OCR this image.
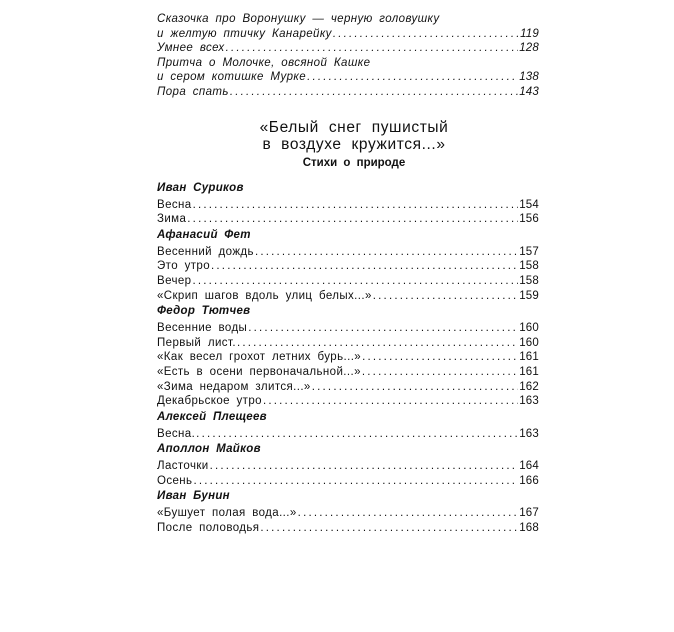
Сказочка про Воронушку — черную головушку
и желтую птичку Канарейку .....	119
Умнее всех .....	128
Притча о Молочке, овсяной Кашке
и сером котишке Мурке .....	138
Пора спать .....	143
«Белый снег пушистый
в воздухе кружится...»
Стихи о природе
Иван Суриков
Весна .....	154
Зима .....	156
Афанасий Фет
Весенний дождь .....	157
Это утро .....	158
Вечер .....	158
«Скрип шагов вдоль улиц белых...» .....	159
Федор Тютчев
Весенние воды .....	160
Первый лист. .....	160
«Как весел грохот летних бурь...» .....	161
«Есть в осени первоначальной...» .....	161
«Зима недаром злится...» .....	162
Декабрьское утро .....	163
Алексей Плещеев
Весна. .....	163
Аполлон Майков
Ласточки .....	164
Осень .....	166
Иван Бунин
«Бушует полая вода...» .....	167
После половодья .....	168
